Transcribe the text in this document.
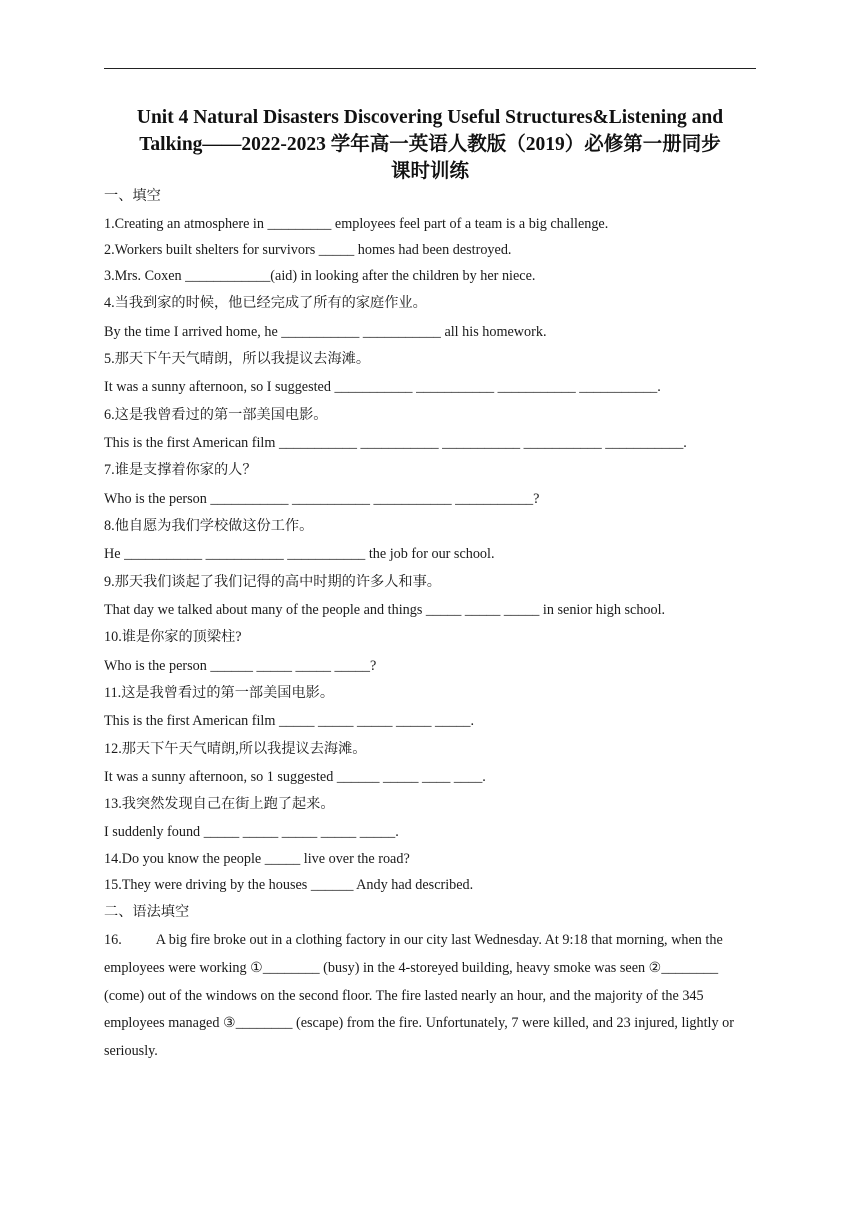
Unit 4 Natural Disasters Discovering Useful Structures&Listening and
Talking——2022-2023 学年高一英语人教版（2019）必修第一册同步
课时训练
一、填空
1.Creating an atmosphere in _________ employees feel part of a team is a big challenge.
2.Workers built shelters for survivors _____ homes had been destroyed.
3.Mrs. Coxen ____________(aid) in looking after the children by her niece.
4.当我到家的时候，他已经完成了所有的家庭作业。
By the time I arrived home, he ___________ ___________ all his homework.
5.那天下午天气晴朗，所以我提议去海滩。
It was a sunny afternoon, so I suggested ___________ ___________ ___________ ___________.
6.这是我曾看过的第一部美国电影。
This is the first American film ___________ ___________ ___________ ___________ ___________.
7.谁是支撑着你家的人？
Who is the person ___________ ___________ ___________ ___________?
8.他自愿为我们学校做这份工作。
He ___________ ___________ ___________ the job for our school.
9.那天我们谈起了我们记得的高中时期的许多人和事。
That day we talked about many of the people and things _____ _____ _____ in senior high school.
10.谁是你家的顶梁柱?
Who is the person ______ _____ _____ _____?
11.这是我曾看过的第一部美国电影。
This is the first American film _____ _____ _____ _____ _____.
12.那天下午天气晴朗,所以我提议去海滩。
It was a sunny afternoon, so 1 suggested ______ _____ ____ ____.
13.我突然发现自己在街上跑了起来。
I suddenly found _____ _____ _____ _____ _____.
14.Do you know the people _____ live over the road?
15.They were driving by the houses ______ Andy had described.
二、语法填空
16. A big fire broke out in a clothing factory in our city last Wednesday. At 9:18 that morning, when the employees were working ①________ (busy) in the 4-storeyed building, heavy smoke was seen ②________ (come) out of the windows on the second floor. The fire lasted nearly an hour, and the majority of the 345 employees managed ③________ (escape) from the fire. Unfortunately, 7 were killed, and 23 injured, lightly or seriously.
